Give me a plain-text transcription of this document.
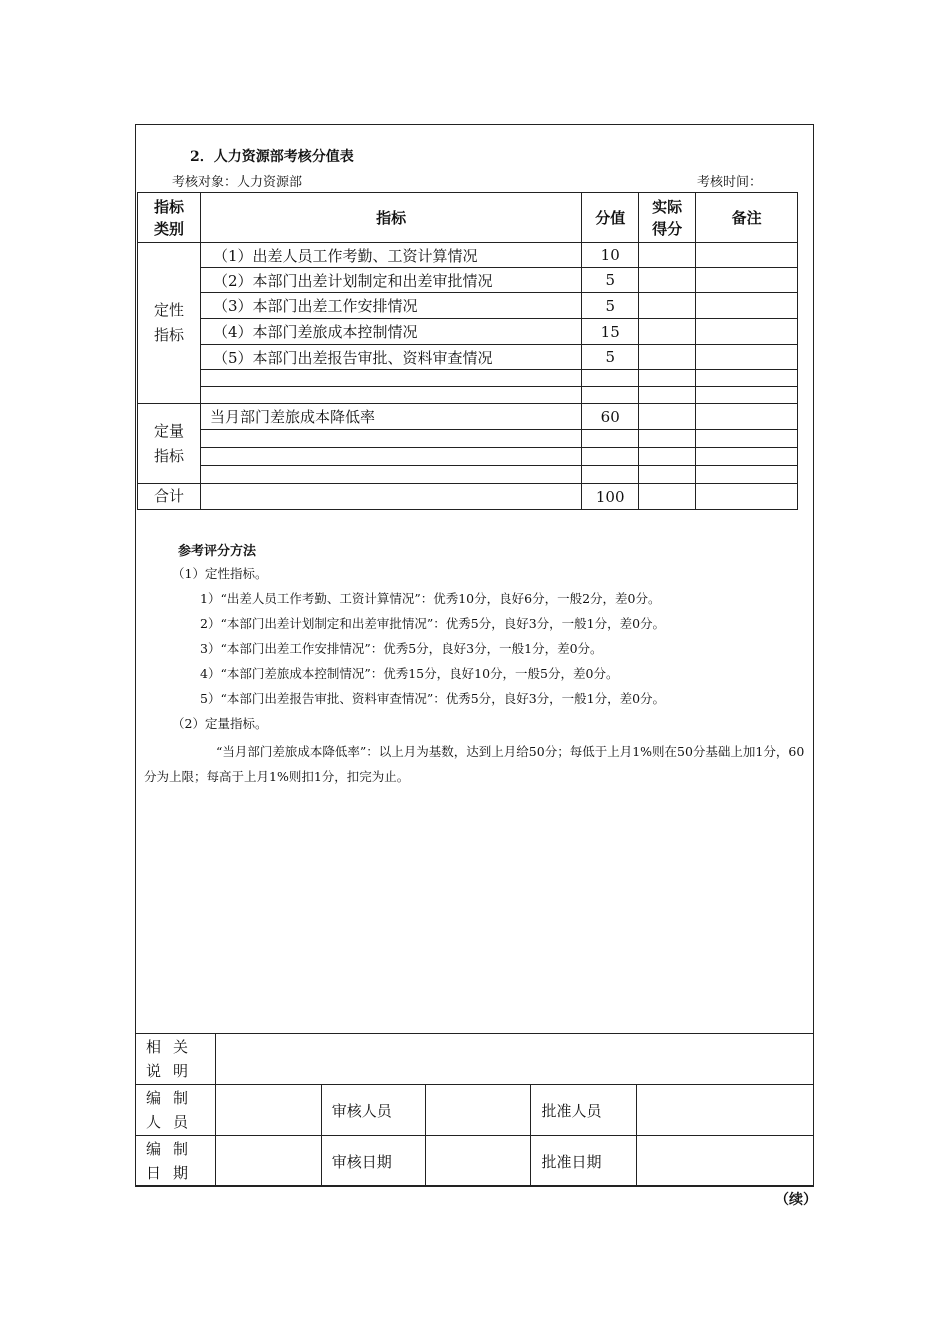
2．人力资源部考核分值表
考核对象：人力资源部	考核时间：
指标类别	指标	分值	实际得分	备注
定性指标	（1）出差人员工作考勤、工资计算情况	10		
	（2）本部门出差计划制定和出差审批情况	5		
	（3）本部门出差工作安排情况	5		
	（4）本部门差旅成本控制情况	15		
	（5）本部门出差报告审批、资料审查情况	5		

定量指标	当月部门差旅成本降低率	60		

合计		100		
参考评分方法
（1）定性指标。
1）“出差人员工作考勤、工资计算情况”：优秀10分，良好6分，一般2分，差0分。
2）“本部门出差计划制定和出差审批情况”：优秀5分，良好3分，一般1分，差0分。
3）“本部门出差工作安排情况”：优秀5分，良好3分，一般1分，差0分。
4）“本部门差旅成本控制情况”：优秀15分，良好10分，一般5分，差0分。
5）“本部门出差报告审批、资料审查情况”：优秀5分，良好3分，一般1分，差0分。
（2）定量指标。
“当月部门差旅成本降低率”：以上月为基数，达到上月给50分；每低于上月1%则在50分基础上加1分，60分为上限；每高于上月1%则扣1分，扣完为止。
相关说明					
编制人员		审核人员		批准人员	
编制日期		审核日期		批准日期	
（续）
